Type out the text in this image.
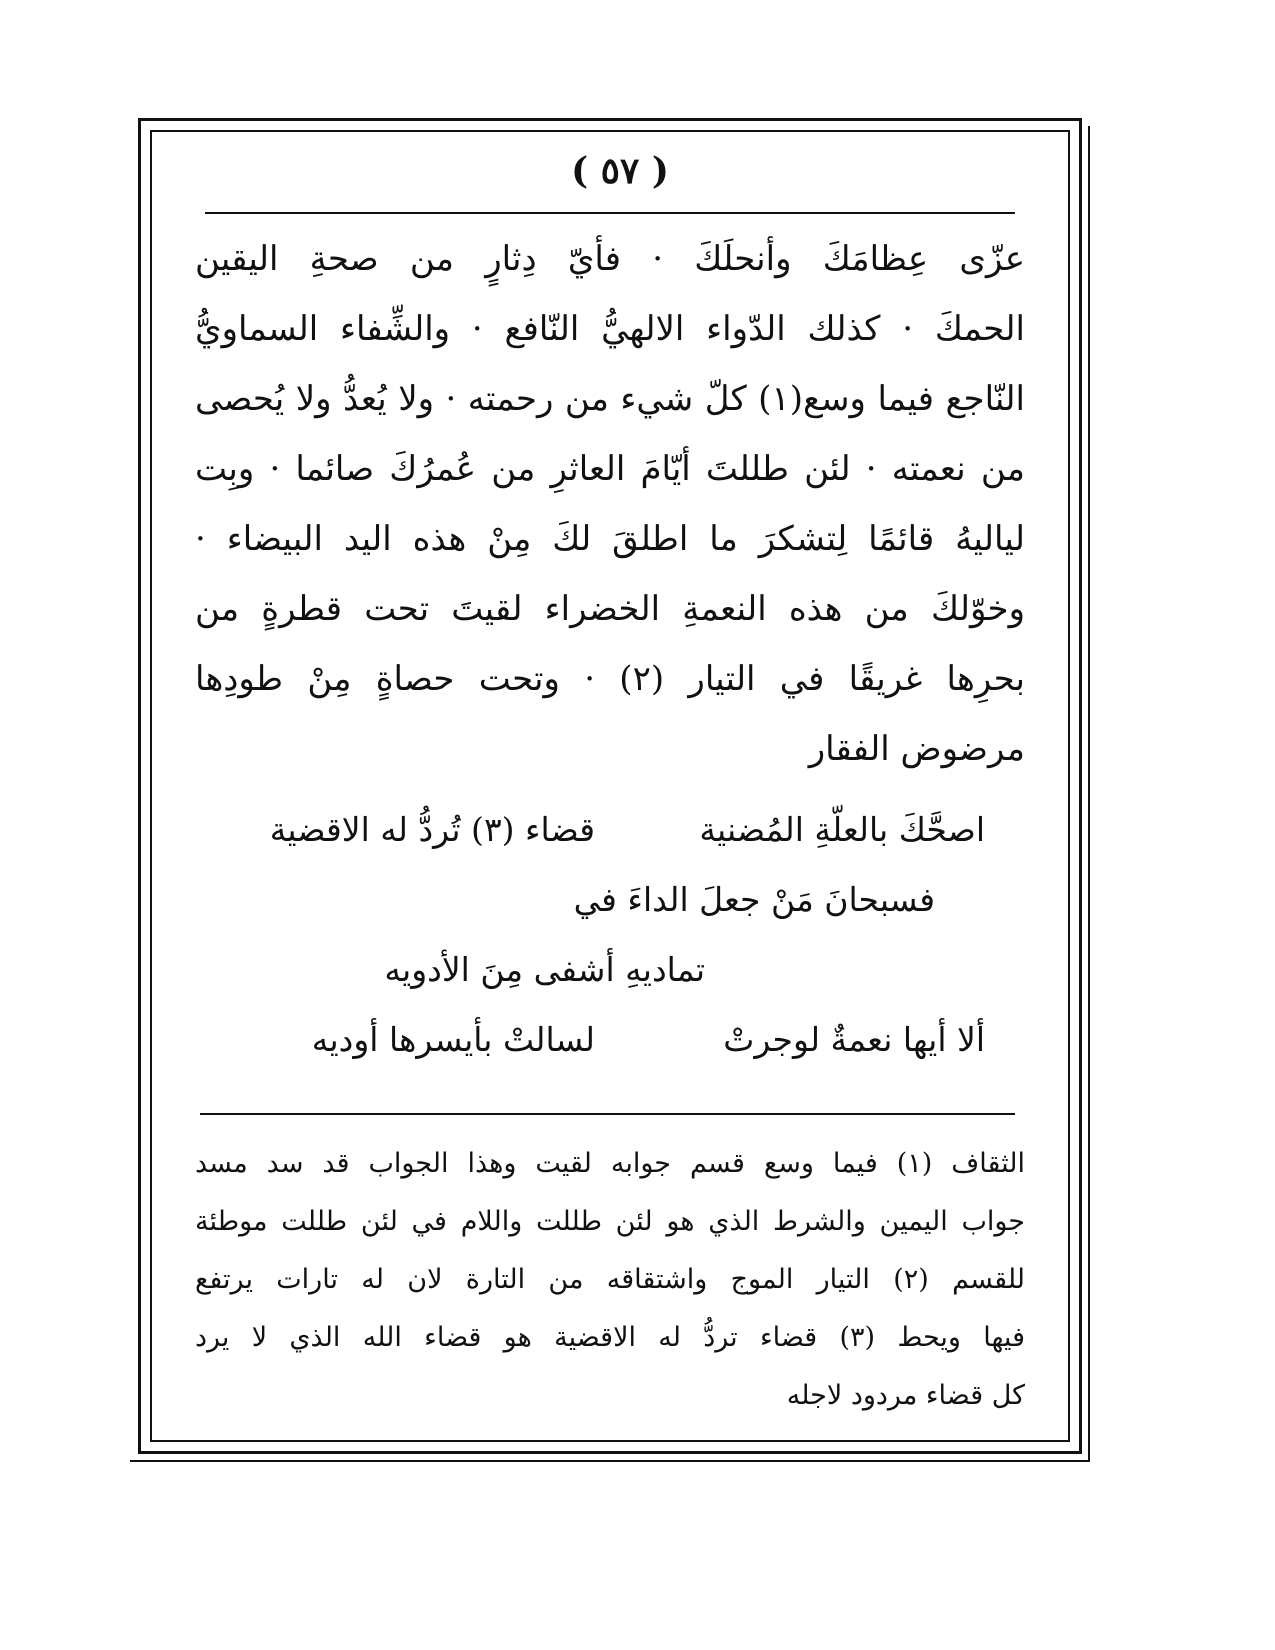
( ٥٧ )
عزّى عِظامَكَ وأنحلَكَ · فأيّ دِثارٍ من صحةِ اليقين
الحمكَ · كذلك الدّواء الالهيُّ النّافع · والشِّفاء السماويُّ
النّاجع فيما وسع(١) كلّ شيء من رحمته · ولا يُعدُّ ولا يُحصى
من نعمته · لئن طللتَ أيّامَ العاثرِ من عُمرُكَ صائما · وبِت
لياليهُ قائمًا لِتشكرَ ما اطلقَ لكَ مِنْ هذه اليد البيضاء ·
وخوّلكَ من هذه النعمةِ الخضراء لقيتَ تحت قطرةٍ من
بحرِها غريقًا في التيار (٢) · وتحت حصاةٍ مِنْ طودِها
مرضوض الفقار
اصحَّكَ بالعلّةِ المُضنية
قضاء (٣) تُردُّ له الاقضية
فسبحانَ مَنْ جعلَ الداءَ في
تماديهِ أشفى مِنَ الأدويه
ألا أيها نعمةٌ لوجرتْ
لسالتْ بأيسرها أوديه
الثقاف (١) فيما وسع قسم جوابه لقيت وهذا الجواب قد سد مسد
جواب اليمين والشرط الذي هو لئن طللت واللام في لئن طللت موطئة
للقسم (٢) التيار الموج واشتقاقه من التارة لان له تارات يرتفع
فيها ويحط (٣) قضاء تردُّ له الاقضية هو قضاء الله الذي لا يرد
كل قضاء مردود لاجله
